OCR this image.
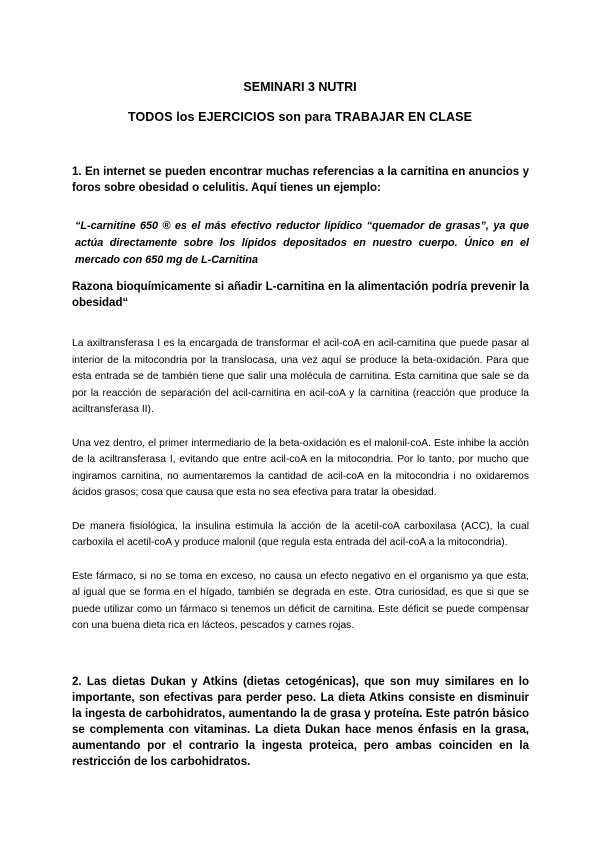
SEMINARI 3 NUTRI
TODOS los EJERCICIOS son para TRABAJAR EN CLASE

1. En internet se pueden encontrar muchas referencias a la carnitina en anuncios y foros sobre obesidad o celulitis. Aquí tienes un ejemplo:

“L-carnitine 650 ® es el más efectivo reductor lipídico “quemador de grasas”, ya que actúa directamente sobre los lípidos depositados en nuestro cuerpo. Único en el mercado con 650 mg de L-Carnitina

Razona bioquímicamente si añadir L-carnitina en la alimentación podría prevenir la obesidad“

La axiltransferasa I es la encargada de transformar el acil-coA en acil-carnitina que puede pasar al interior de la mitocondria por la translocasa, una vez aquí se produce la beta-oxidación. Para que esta entrada se de también tiene que salir una molécula de carnitina. Esta carnitina que sale se da por la reacción de separación del acil-carnitina en acil-coA y la carnitina (reacción que produce la aciltransferasa II).

Una vez dentro, el primer intermediario de la beta-oxidación es el malonil-coA. Este inhibe la acción de la aciltransferasa I, evitando que entre acil-coA en la mitocondria. Por lo tanto, por mucho que ingiramos carnitina, no aumentaremos la cantidad de acil-coA en la mitocondria i no oxidaremos ácidos grasos; cosa que causa que esta no sea efectiva para tratar la obesidad.

De manera fisiológica, la insulina estimula la acción de la acetil-coA carboxilasa (ACC), la cual carboxila el acetil-coA y produce malonil (que regula esta entrada del acil-coA a la mitocondria).

Este fármaco, si no se toma en exceso, no causa un efecto negativo en el organismo ya que esta, al igual que se forma en el hígado, también se degrada en este. Otra curiosidad, es que si que se puede utilizar como un fármaco si tenemos un déficit de carnitina. Este déficit se puede compensar con una buena dieta rica en lácteos, pescados y carnes rojas.

2. Las dietas Dukan y Atkins (dietas cetogénicas), que son muy similares en lo importante, son efectivas para perder peso. La dieta Atkins consiste en disminuir la ingesta de carbohidratos, aumentando la de grasa y proteína. Este patrón básico se complementa con vitaminas. La dieta Dukan hace menos énfasis en la grasa, aumentando por el contrario la ingesta proteica, pero ambas coinciden en la restricción de los carbohidratos.
